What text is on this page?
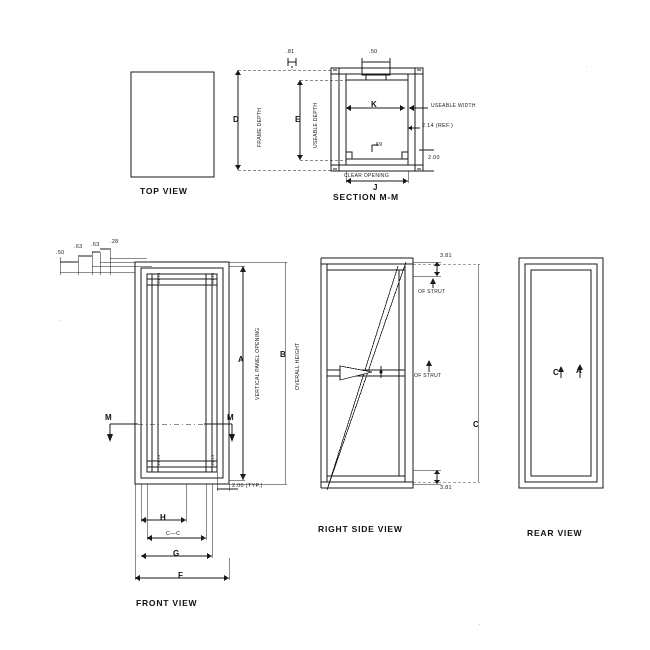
TOP VIEW
SECTION M-M
.81	.50
.69
2.14 (REF.)
2.00
USEABLE WIDTH
FRAME DEPTH	USEABLE DEPTH
CLEAR OPENING
D	E
K
J
FRONT VIEW
.50
.63 .63 .28
2.00 (TYP.)
VERTICAL PANEL OPENING	OVERALL HEIGHT
A
B
H
C—C
G
F
M	M
10.13	10.13
10.13	10.13
RIGHT SIDE VIEW
3.81
OF STRUT
OF STRUT
3.81
C
REAR VIEW
C A
